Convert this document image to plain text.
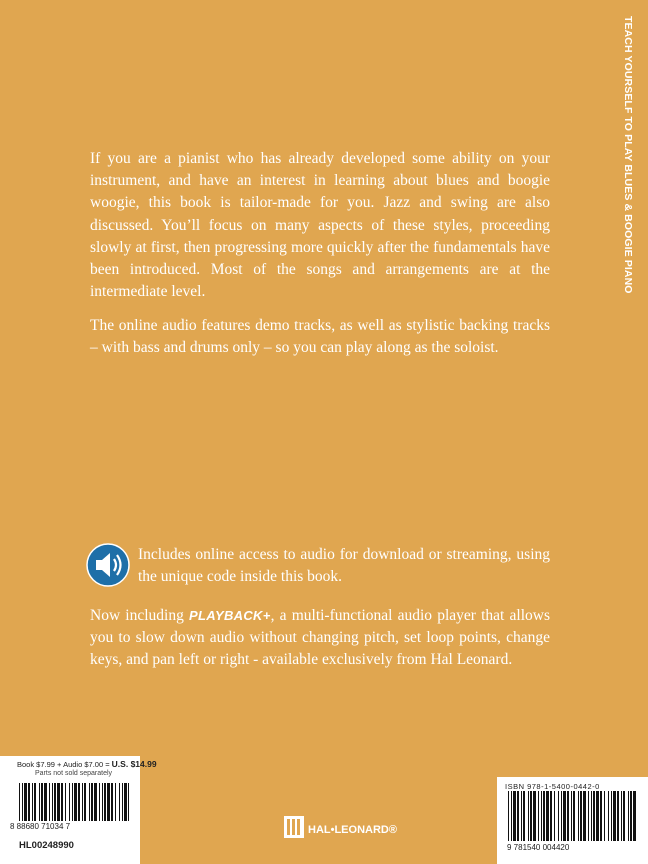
TEACH YOURSELF TO PLAY BLUES & BOOGIE PIANO

If you are a pianist who has already developed some ability on your instrument, and have an interest in learning about blues and boogie woogie, this book is tailor-made for you. Jazz and swing are also discussed. You’ll focus on many aspects of these styles, proceeding slowly at first, then progressing more quickly after the fundamentals have been introduced. Most of the songs and arrangements are at the intermediate level.

The online audio features demo tracks, as well as stylistic backing tracks – with bass and drums only – so you can play along as the soloist.

Includes online access to audio for download or streaming, using the unique code inside this book.

Now including PLAYBACK+, a multi-functional audio player that allows you to slow down audio without changing pitch, set loop points, change keys, and pan left or right - available exclusively from Hal Leonard.

Book $7.99 + Audio $7.00 = U.S. $14.99
Parts not sold separately
8 88680 71034 7
HL00248990
HAL•LEONARD®
ISBN 978-1-5400-0442-0
9 781540 004420
